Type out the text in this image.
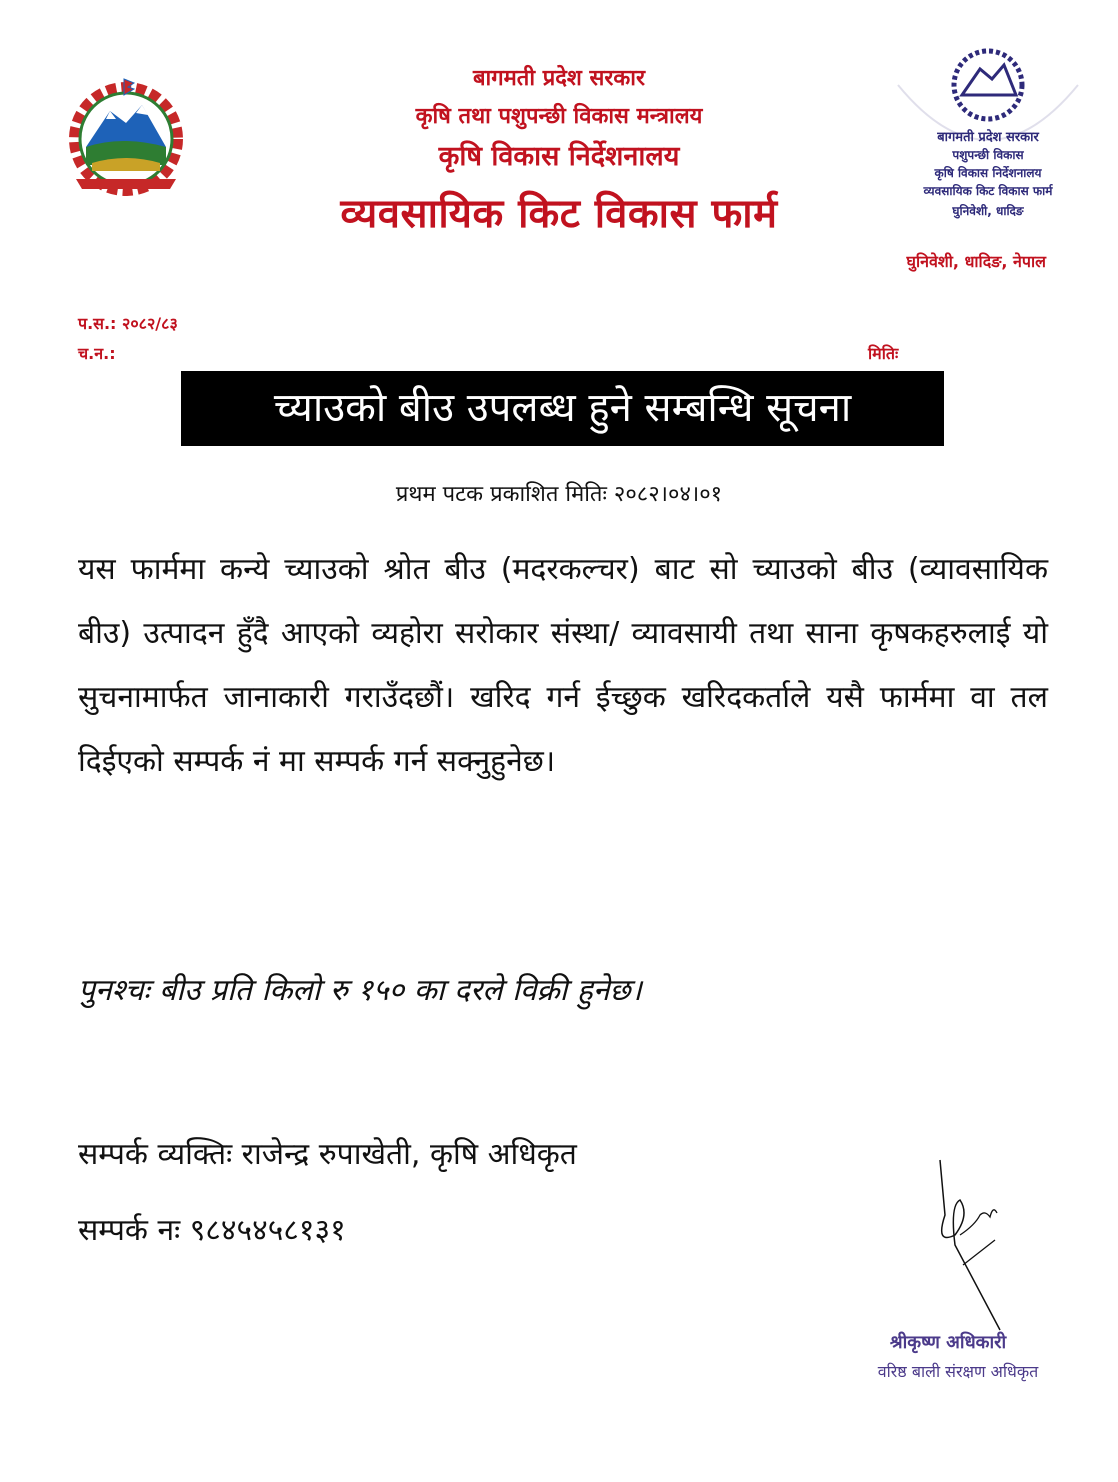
बागमती प्रदेश सरकार
पशुपन्छी विकास
कृषि विकास निर्देशनालय
व्यवसायिक किट विकास फार्म
घुनिवेशी, धादिङ
बागमती प्रदेश सरकार
कृषि तथा पशुपन्छी विकास मन्त्रालय
कृषि विकास निर्देशनालय
व्यवसायिक किट विकास फार्म
घुनिवेशी, धादिङ, नेपाल
प.स.: २०८२/८३
च.न.:	मितिः
च्याउको बीउ उपलब्ध हुने सम्बन्धि सूचना
प्रथम पटक प्रकाशित मितिः २०८२।०४।०१
यस फार्ममा कन्ये च्याउको श्रोत बीउ (मदरकल्चर) बाट सो च्याउको बीउ (व्यावसायिक बीउ) उत्पादन हुँदै आएको व्यहोरा सरोकार संस्था/ व्यावसायी तथा साना कृषकहरुलाई यो सुचनामार्फत जानाकारी गराउँदछौं। खरिद गर्न ईच्छुक खरिदकर्ताले यसै फार्ममा वा तल दिईएको सम्पर्क नं मा सम्पर्क गर्न सक्नुहुनेछ।
पुनश्चः बीउ प्रति किलो रु १५० का दरले विक्री हुनेछ।
सम्पर्क व्यक्तिः राजेन्द्र रुपाखेती, कृषि अधिकृत
सम्पर्क नः ९८४५४५८१३१
श्रीकृष्ण अधिकारी
वरिष्ठ बाली संरक्षण अधिकृत
